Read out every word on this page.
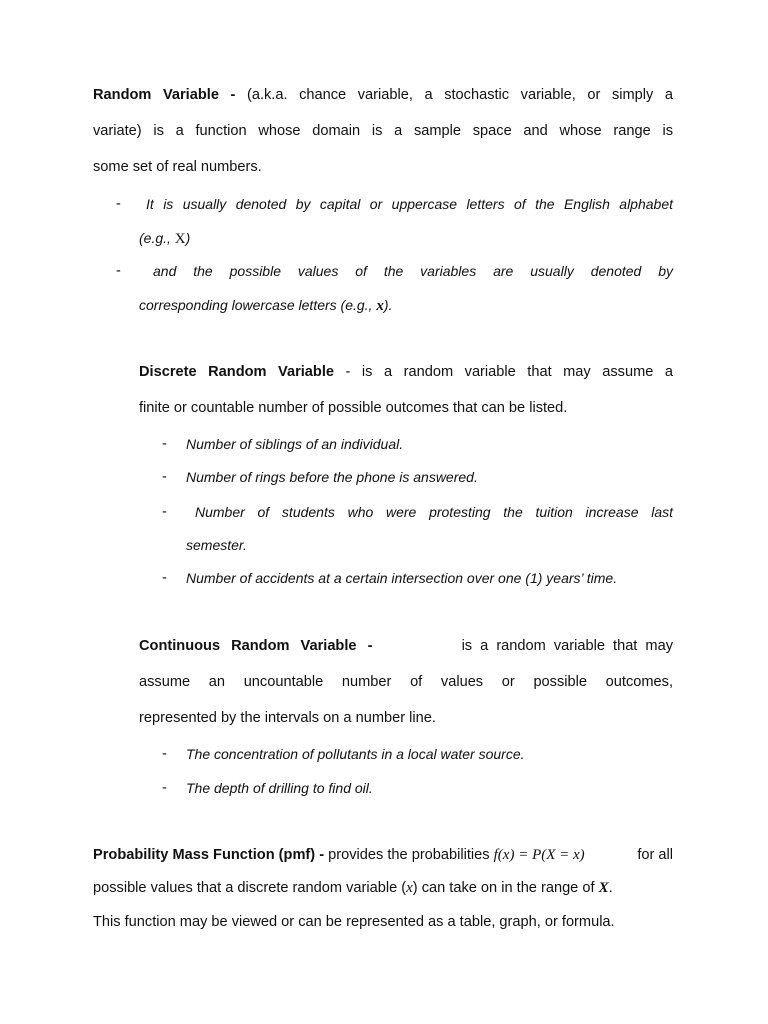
Random Variable - (a.k.a. chance variable, a stochastic variable, or simply a
variate) is a function whose domain is a sample space and whose range is
some set of real numbers.
- It is usually denoted by capital or uppercase letters of the English alphabet
(e.g., X)
- and the possible values of the variables are usually denoted by
corresponding lowercase letters (e.g., x).
Discrete Random Variable - is a random variable that may assume a
finite or countable number of possible outcomes that can be listed.
- Number of siblings of an individual.
- Number of rings before the phone is answered.
- Number of students who were protesting the tuition increase last
semester.
- Number of accidents at a certain intersection over one (1) years’ time.
Continuous Random Variable -	is a random variable that may
assume an uncountable number of values or possible outcomes,
represented by the intervals on a number line.
- The concentration of pollutants in a local water source.
- The depth of drilling to find oil.
Probability Mass Function (pmf) - provides the probabilities f(x) = P(X = x)	for all
possible values that a discrete random variable (x) can take on in the range of X.
This function may be viewed or can be represented as a table, graph, or formula.
